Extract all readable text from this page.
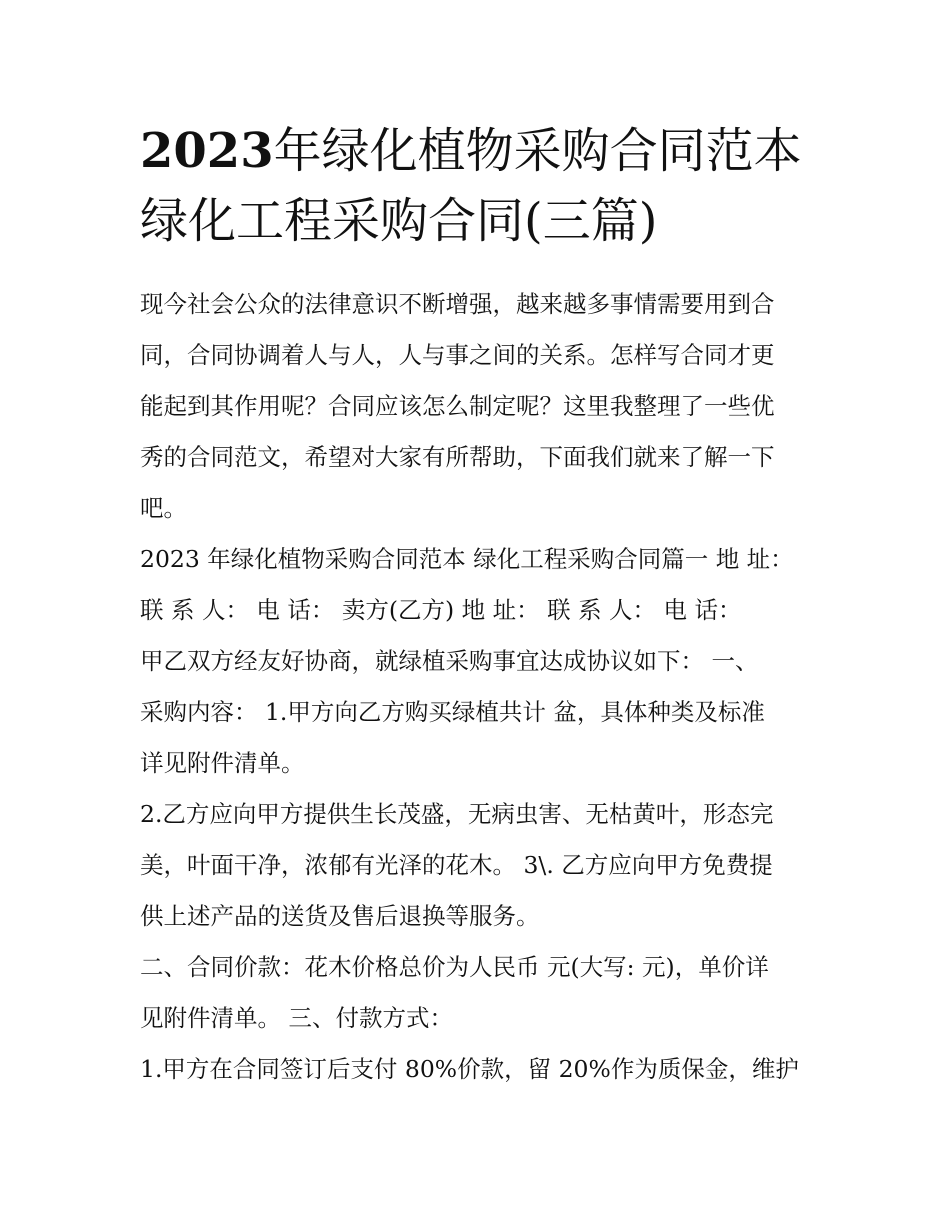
2023年绿化植物采购合同范本
绿化工程采购合同(三篇)

现今社会公众的法律意识不断增强，越来越多事情需要用到合

同，合同协调着人与人，人与事之间的关系。怎样写合同才更

能起到其作用呢？合同应该怎么制定呢？这里我整理了一些优

秀的合同范文，希望对大家有所帮助，下面我们就来了解一下

吧。

2023 年绿化植物采购合同范本 绿化工程采购合同篇一 地 址：

联 系 人： 电 话： 卖方(乙方) 地 址： 联 系 人： 电 话：

甲乙双方经友好协商，就绿植采购事宜达成协议如下： 一、

采购内容： 1.甲方向乙方购买绿植共计 盆，具体种类及标准

详见附件清单。

2.乙方应向甲方提供生长茂盛，无病虫害、无枯黄叶，形态完

美，叶面干净，浓郁有光泽的花木。 3\. 乙方应向甲方免费提

供上述产品的送货及售后退换等服务。

二、合同价款：花木价格总价为人民币 元(大写: 元)，单价详

见附件清单。 三、付款方式：

1.甲方在合同签订后支付 80%价款，留 20%作为质保金，维护
